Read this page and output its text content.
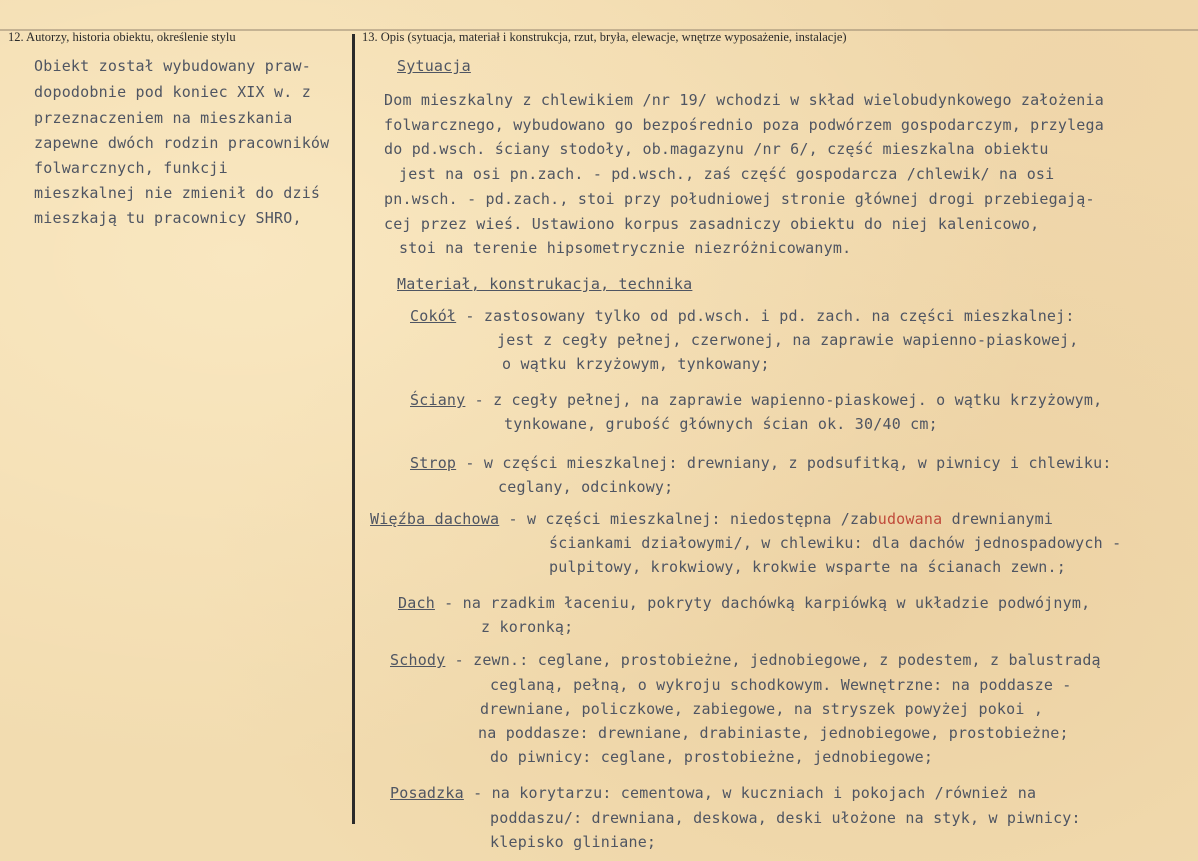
12. Autorzy, historia obiektu, określenie stylu
Obiekt został wybudowany praw-
dopodobnie pod koniec XIX w. z
przeznaczeniem na mieszkania
zapewne dwóch rodzin pracowników
folwarcznych, funkcji
mieszkalnej nie zmienił do dziś
mieszkają tu pracownicy SHRO,
13. Opis (sytuacja, materiał i konstrukcja, rzut, bryła, elewacje, wnętrze wyposażenie, instalacje)
Sytuacja
Dom mieszkalny z chlewikiem /nr 19/ wchodzi w skład wielobudynkowego założenia
folwarcznego, wybudowano go bezpośrednio poza podwórzem gospodarczym, przylega
do pd.wsch. ściany stodoły, ob.magazynu /nr 6/, część mieszkalna obiektu
jest na osi pn.zach. - pd.wsch., zaś część gospodarcza /chlewik/ na osi
pn.wsch. - pd.zach., stoi przy południowej stronie głównej drogi przebiegają-
cej przez wieś. Ustawiono korpus zasadniczy obiektu do niej kalenicowo,
stoi na terenie hipsometrycznie niezróżnicowanym.
Materiał, konstrukacja, technika
Cokół - zastosowany tylko od pd.wsch. i pd. zach. na części mieszkalnej:
jest z cegły pełnej, czerwonej, na zaprawie wapienno-piaskowej,
o wątku krzyżowym, tynkowany;
Ściany - z cegły pełnej, na zaprawie wapienno-piaskowej. o wątku krzyżowym,
tynkowane, grubość głównych ścian ok. 30/40 cm;
Strop - w części mieszkalnej: drewniany, z podsufitką, w piwnicy i chlewiku:
ceglany, odcinkowy;
Więźba dachowa - w części mieszkalnej: niedostępna /zabudowana drewnianymi
ściankami działowymi/, w chlewiku: dla dachów jednospadowych -
pulpitowy, krokwiowy, krokwie wsparte na ścianach zewn.;
Dach - na rzadkim łaceniu, pokryty dachówką karpiówką w układzie podwójnym,
z koronką;
Schody - zewn.: ceglane, prostobieżne, jednobiegowe, z podestem, z balustradą
ceglaną, pełną, o wykroju schodkowym. Wewnętrzne: na poddasze -
drewniane, policzkowe, zabiegowe, na stryszek powyżej pokoi ,
na poddasze: drewniane, drabiniaste, jednobiegowe, prostobieżne;
do piwnicy: ceglane, prostobieżne, jednobiegowe;
Posadzka - na korytarzu: cementowa, w kuczniach i pokojach /również na
poddaszu/: drewniana, deskowa, deski ułożone na styk, w piwnicy:
klepisko gliniane;
